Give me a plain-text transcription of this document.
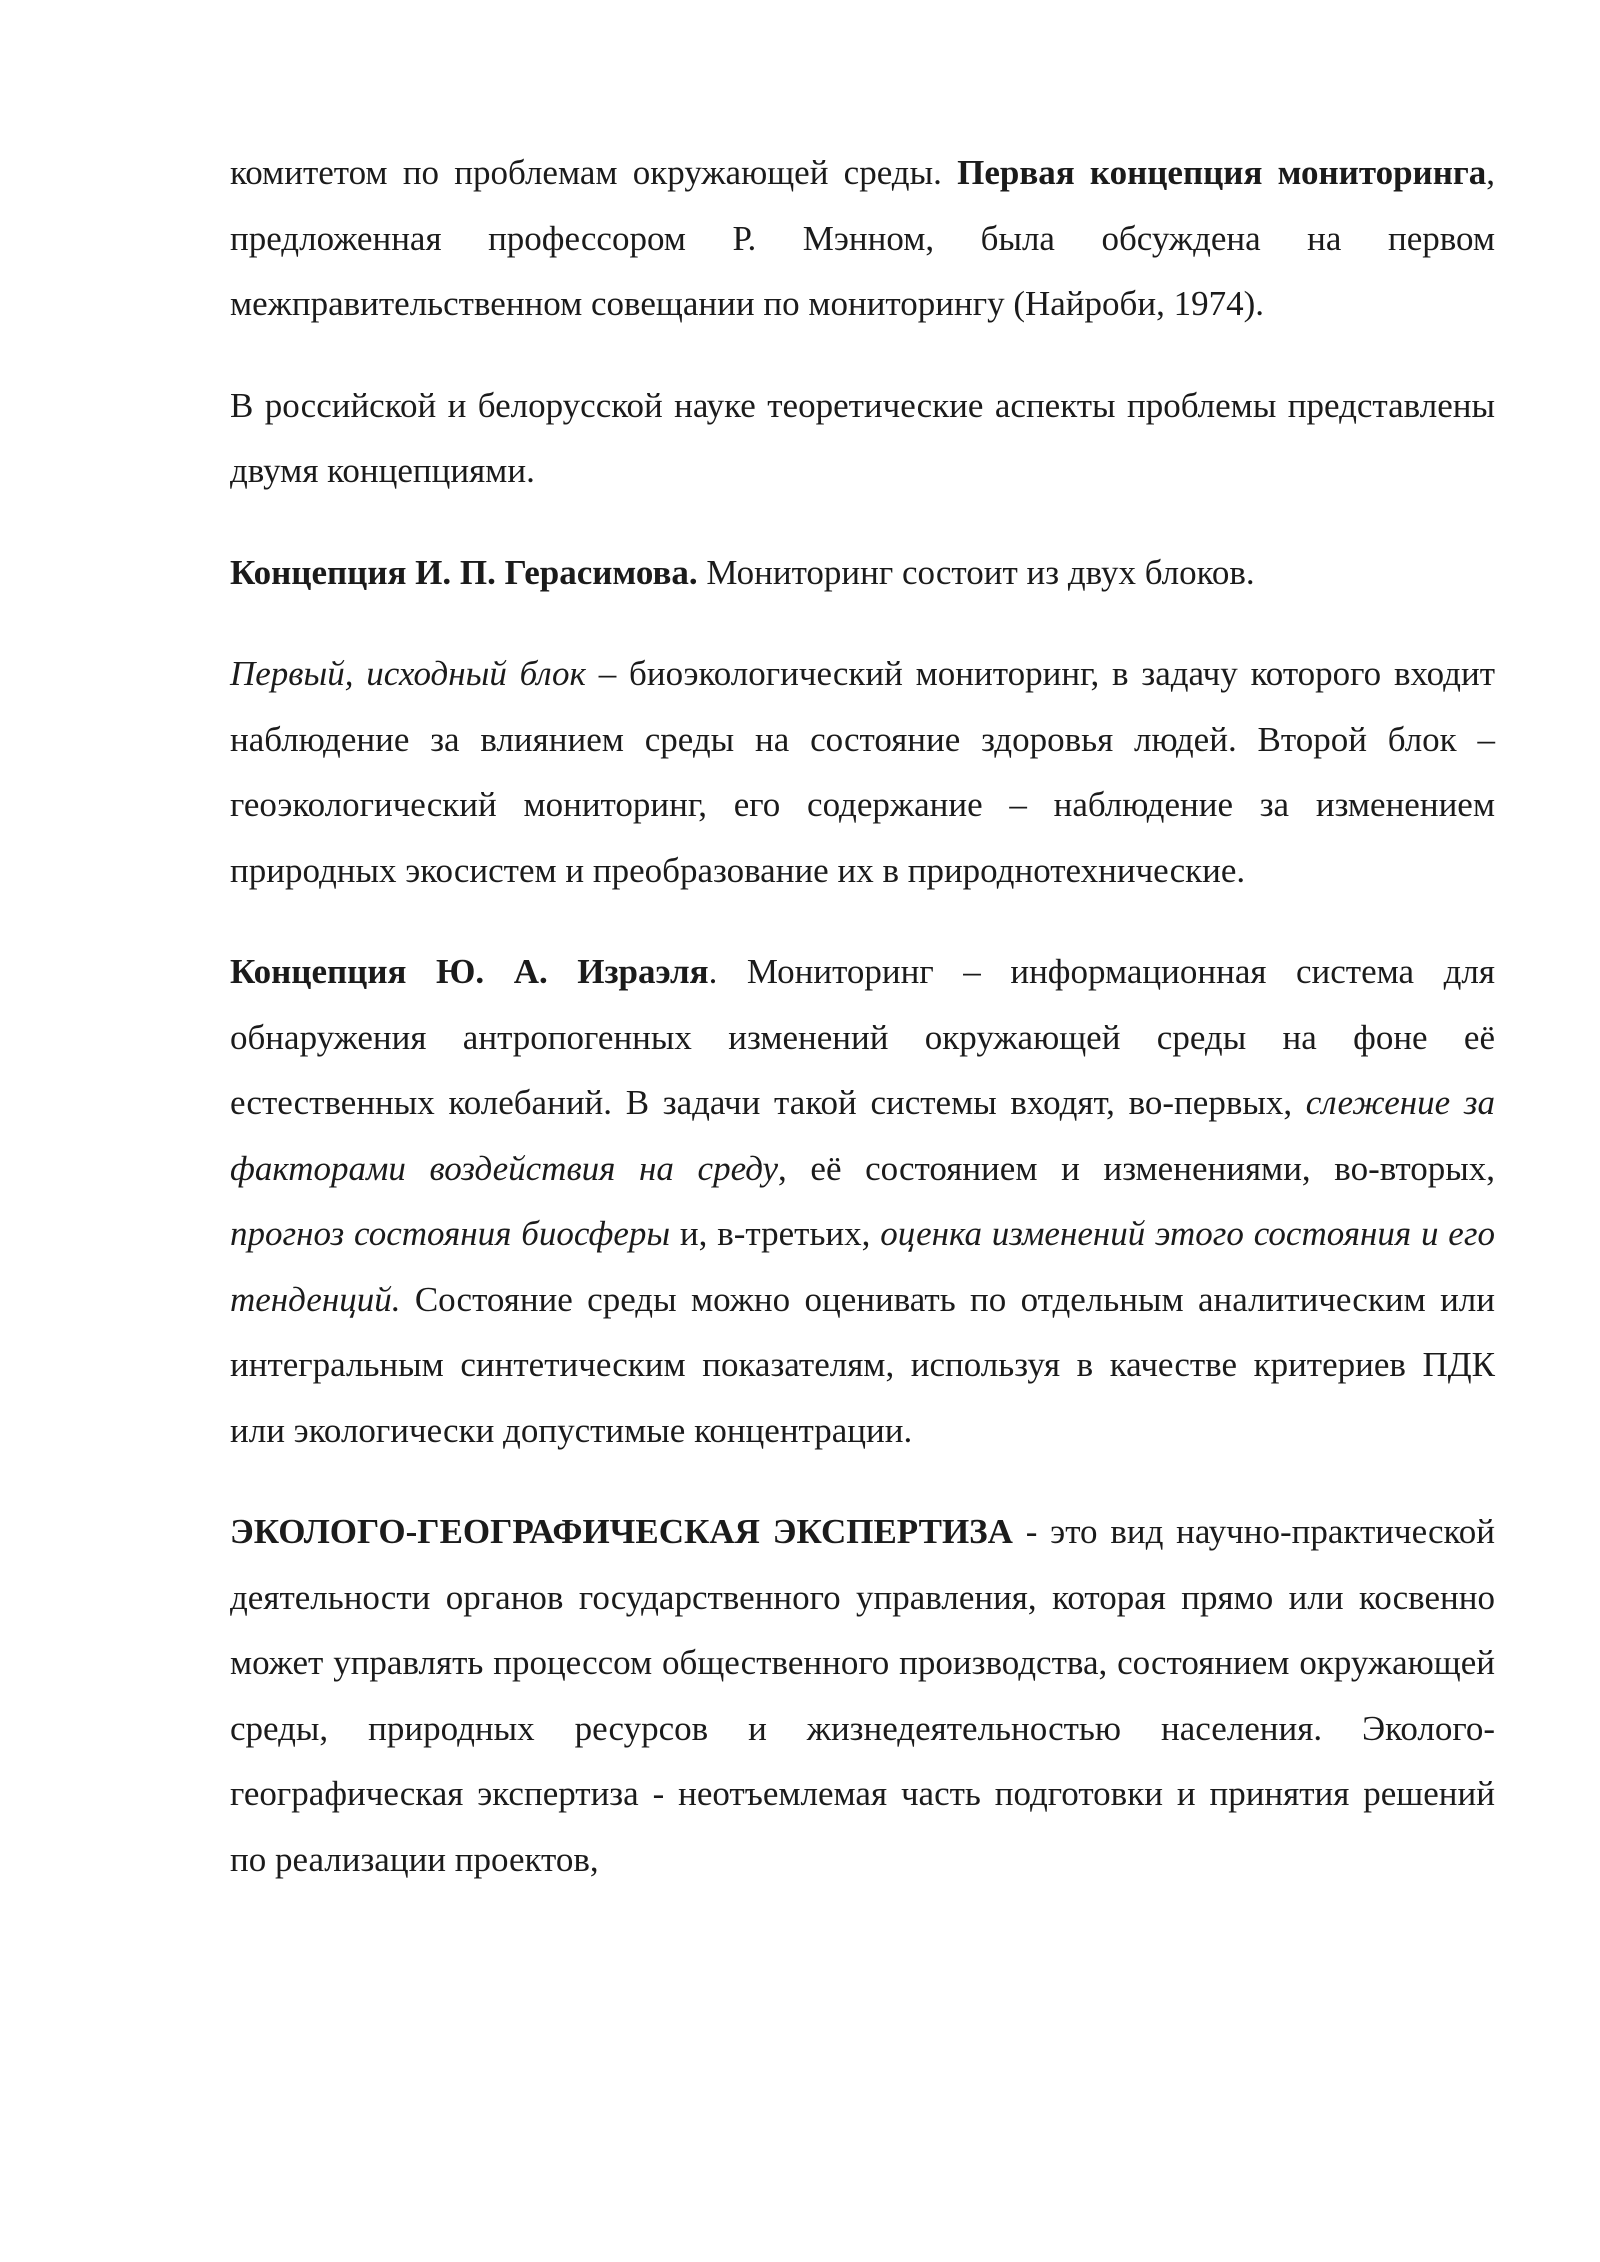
комитетом по проблемам окружающей среды. Первая концепция мониторинга, предложенная профессором Р. Мэнном, была обсуждена на первом межправительственном совещании по мониторингу (Найроби, 1974).

В российской и белорусской науке теоретические аспекты проблемы представлены двумя концепциями.

Концепция И. П. Герасимова. Мониторинг состоит из двух блоков.

Первый, исходный блок – биоэкологический мониторинг, в задачу которого входит наблюдение за влиянием среды на состояние здоровья людей. Второй блок – геоэкологический мониторинг, его содержание – наблюдение за изменением природных экосистем и преобразование их в природнотехнические.

Концепция Ю. А. Израэля. Мониторинг – информационная система для обнаружения антропогенных изменений окружающей среды на фоне её естественных колебаний. В задачи такой системы входят, во-первых, слежение за факторами воздействия на среду, её состоянием и изменениями, во-вторых, прогноз состояния биосферы и, в-третьих, оценка изменений этого состояния и его тенденций. Состояние среды можно оценивать по отдельным аналитическим или интегральным синтетическим показателям, используя в качестве критериев ПДК или экологически допустимые концентрации.

ЭКОЛОГО-ГЕОГРАФИЧЕСКАЯ ЭКСПЕРТИЗА - это вид научно-практической деятельности органов государственного управления, которая прямо или косвенно может управлять процессом общественного производства, состоянием окружающей среды, природных ресурсов и жизнедеятельностью населения. Эколого-географическая экспертиза - неотъемлемая часть подготовки и принятия решений по реализации проектов,
